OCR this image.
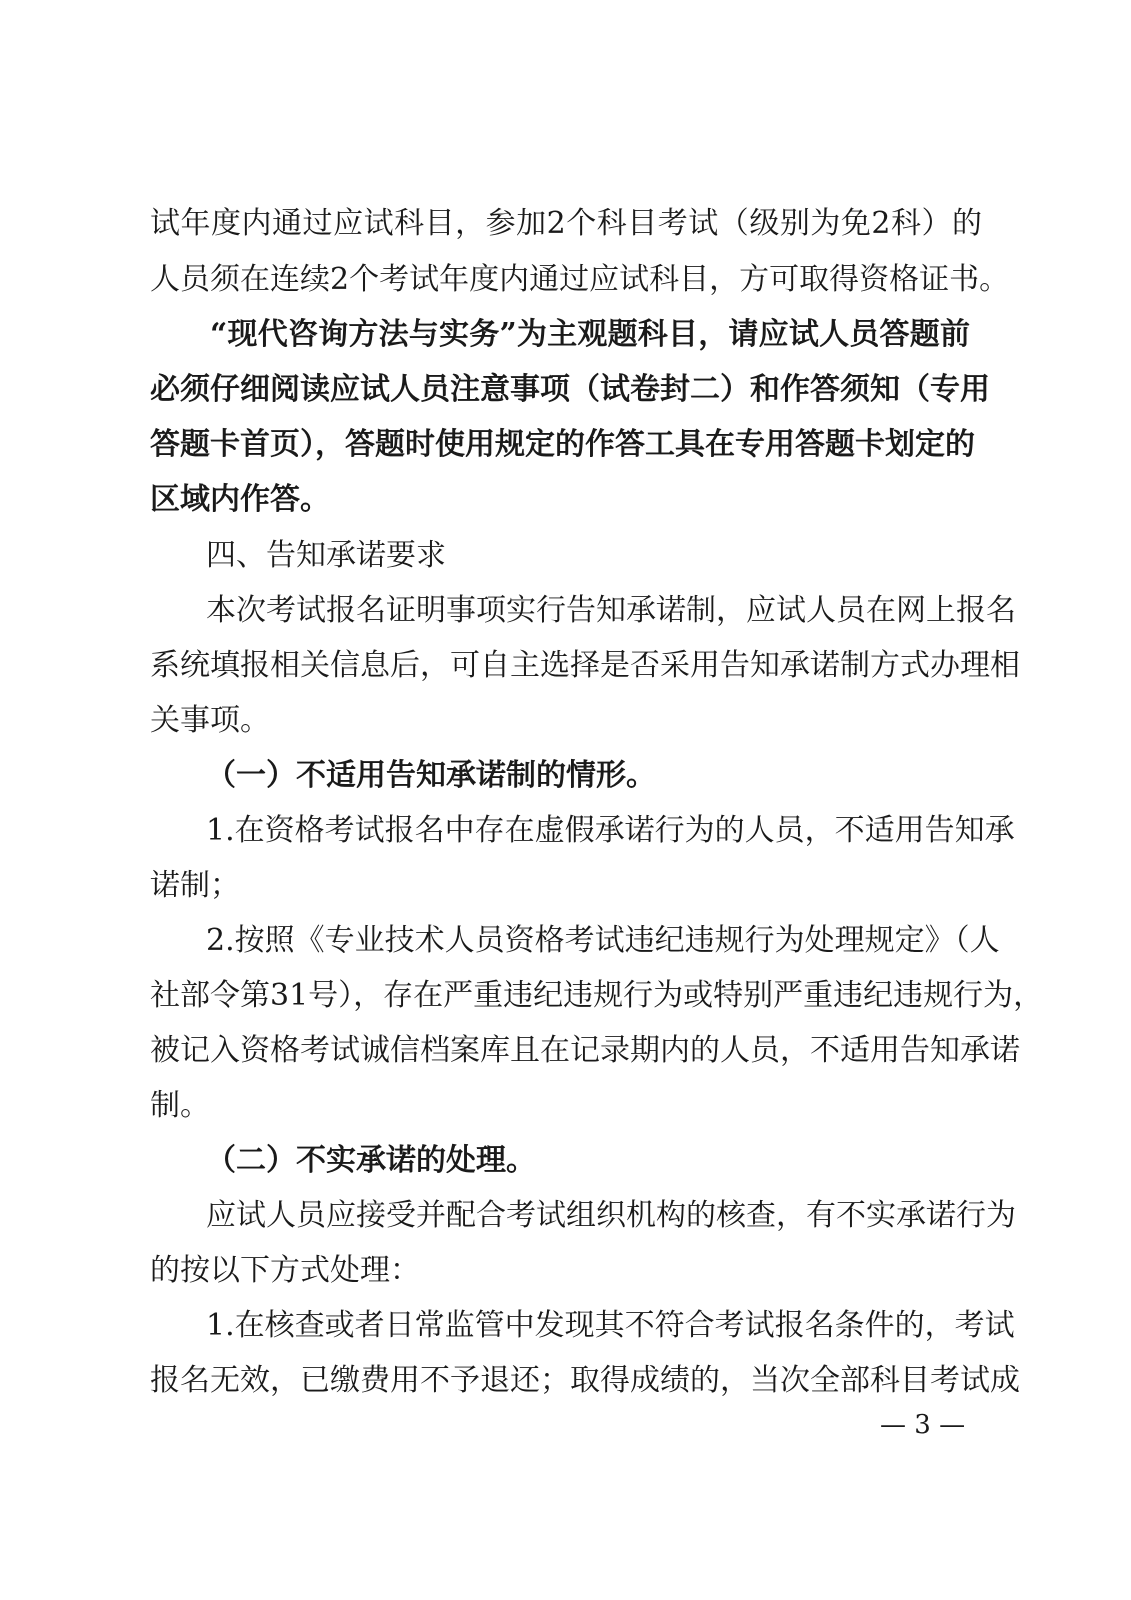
试年度内通过应试科目，参加2个科目考试（级别为免2科）的
人员须在连续2个考试年度内通过应试科目，方可取得资格证书。
“现代咨询方法与实务”为主观题科目，请应试人员答题前
必须仔细阅读应试人员注意事项（试卷封二）和作答须知（专用
答题卡首页），答题时使用规定的作答工具在专用答题卡划定的
区域内作答。
四、告知承诺要求
本次考试报名证明事项实行告知承诺制，应试人员在网上报名
系统填报相关信息后，可自主选择是否采用告知承诺制方式办理相
关事项。
（一）不适用告知承诺制的情形。
1.在资格考试报名中存在虚假承诺行为的人员，不适用告知承
诺制；
2.按照《专业技术人员资格考试违纪违规行为处理规定》（人
社部令第31号），存在严重违纪违规行为或特别严重违纪违规行为，
被记入资格考试诚信档案库且在记录期内的人员，不适用告知承诺
制。
（二）不实承诺的处理。
应试人员应接受并配合考试组织机构的核查，有不实承诺行为
的按以下方式处理：
1.在核查或者日常监管中发现其不符合考试报名条件的，考试
报名无效，已缴费用不予退还；取得成绩的，当次全部科目考试成
— 3 —
